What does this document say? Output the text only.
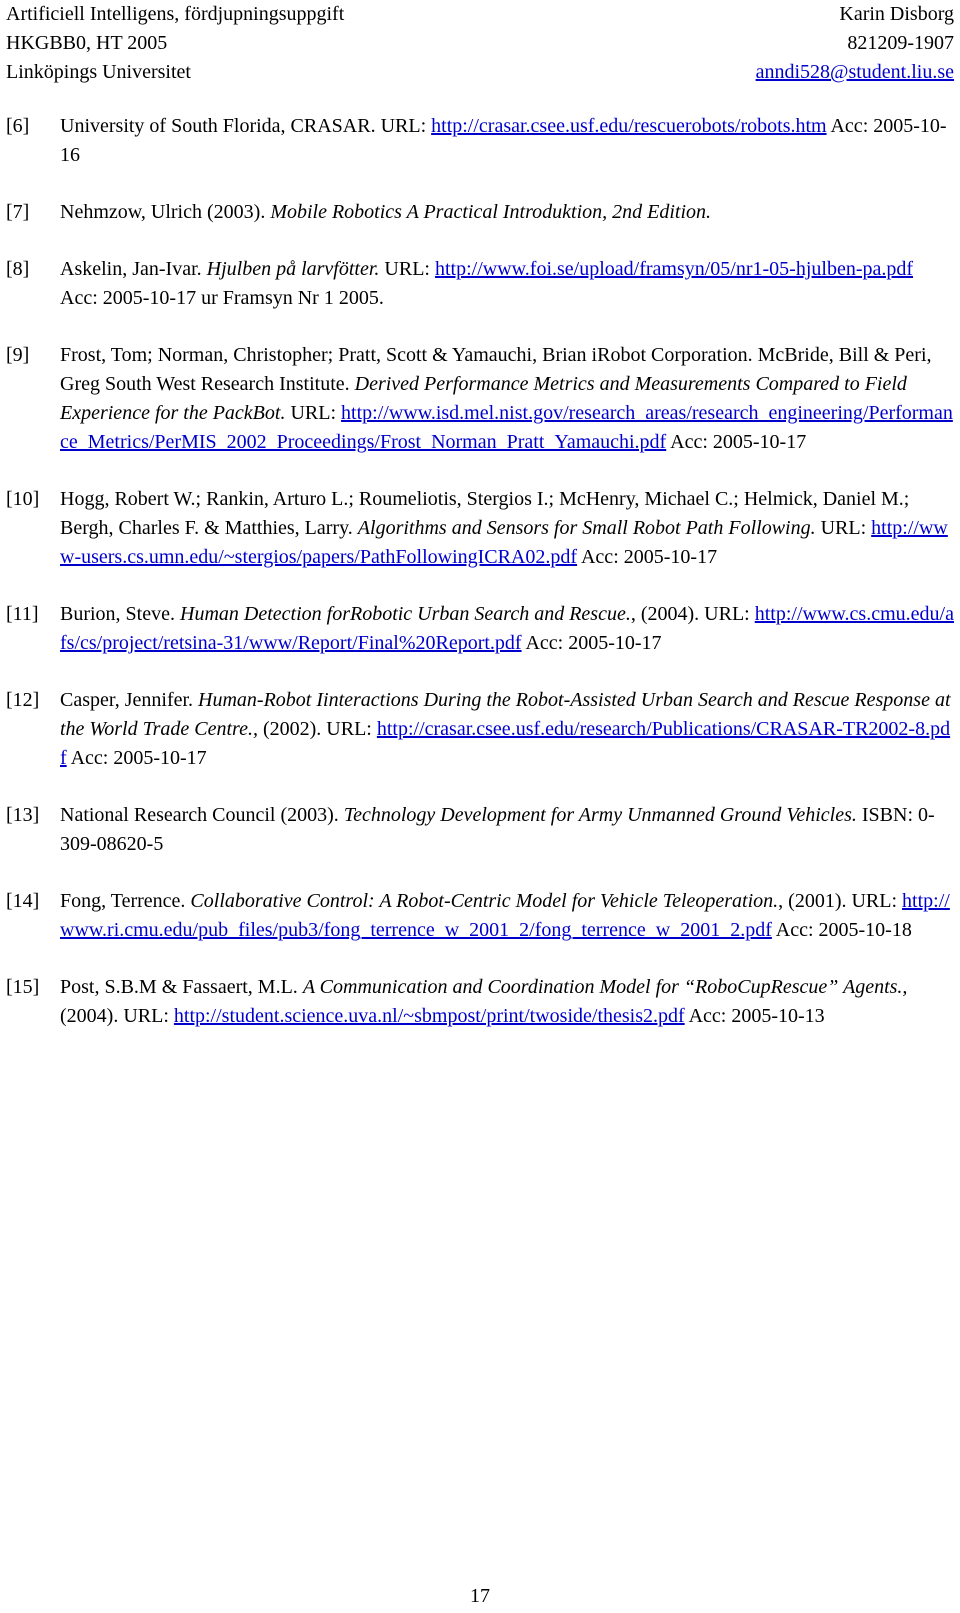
Artificiell Intelligens, fördjupningsuppgift	Karin Disborg
HKGBB0, HT 2005	821209-1907
Linköpings Universitet	anndi528@student.liu.se
[6] University of South Florida, CRASAR. URL: http://crasar.csee.usf.edu/rescuerobots/robots.htm Acc: 2005-10-16
[7] Nehmzow, Ulrich (2003). Mobile Robotics A Practical Introduktion, 2nd Edition.
[8] Askelin, Jan-Ivar. Hjulben på larvfötter. URL: http://www.foi.se/upload/framsyn/05/nr1-05-hjulben-pa.pdf Acc: 2005-10-17 ur Framsyn Nr 1 2005.
[9] Frost, Tom; Norman, Christopher; Pratt, Scott & Yamauchi, Brian iRobot Corporation. McBride, Bill & Peri, Greg South West Research Institute. Derived Performance Metrics and Measurements Compared to Field Experience for the PackBot. URL: http://www.isd.mel.nist.gov/research_areas/research_engineering/Performance_Metrics/PerMIS_2002_Proceedings/Frost_Norman_Pratt_Yamauchi.pdf Acc: 2005-10-17
[10] Hogg, Robert W.; Rankin, Arturo L.; Roumeliotis, Stergios I.; McHenry, Michael C.; Helmick, Daniel M.; Bergh, Charles F. & Matthies, Larry. Algorithms and Sensors for Small Robot Path Following. URL: http://www-users.cs.umn.edu/~stergios/papers/PathFollowingICRA02.pdf Acc: 2005-10-17
[11] Burion, Steve. Human Detection forRobotic Urban Search and Rescue., (2004). URL: http://www.cs.cmu.edu/afs/cs/project/retsina-31/www/Report/Final%20Report.pdf Acc: 2005-10-17
[12] Casper, Jennifer. Human-Robot Iinteractions During the Robot-Assisted Urban Search and Rescue Response at the World Trade Centre., (2002). URL: http://crasar.csee.usf.edu/research/Publications/CRASAR-TR2002-8.pdf Acc: 2005-10-17
[13] National Research Council (2003). Technology Development for Army Unmanned Ground Vehicles. ISBN: 0-309-08620-5
[14] Fong, Terrence. Collaborative Control: A Robot-Centric Model for Vehicle Teleoperation., (2001). URL: http://www.ri.cmu.edu/pub_files/pub3/fong_terrence_w_2001_2/fong_terrence_w_2001_2.pdf Acc: 2005-10-18
[15] Post, S.B.M & Fassaert, M.L. A Communication and Coordination Model for “RoboCupRescue” Agents., (2004). URL: http://student.science.uva.nl/~sbmpost/print/twoside/thesis2.pdf Acc: 2005-10-13
17
